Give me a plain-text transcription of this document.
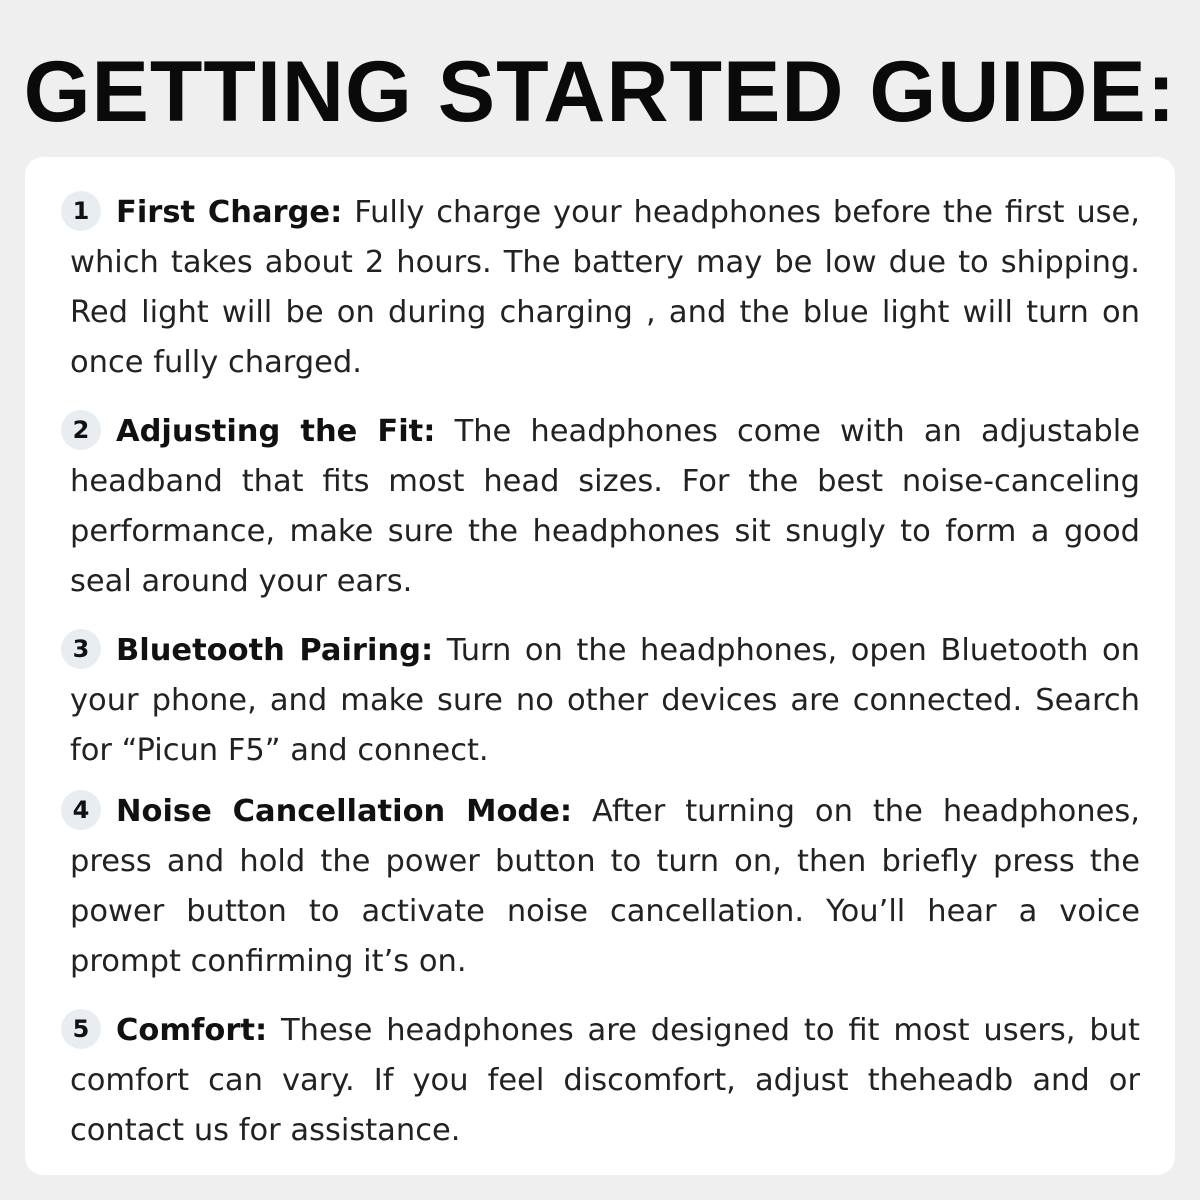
GETTING STARTED GUIDE:
1 First Charge: Fully charge your headphones before the first use, which takes about 2 hours. The battery may be low due to shipping. Red light will be on during charging , and the blue light will turn on once fully charged.

2 Adjusting the Fit: The headphones come with an adjustable headband that fits most head sizes. For the best noise-canceling performance, make sure the headphones sit snugly to form a good seal around your ears.

3 Bluetooth Pairing: Turn on the headphones, open Bluetooth on your phone, and make sure no other devices are connected. Search for “Picun F5” and connect.

4 Noise Cancellation Mode: After turning on the headphones, press and hold the power button to turn on, then briefly press the power button to activate noise cancellation. You’ll hear a voice prompt confirming it’s on.

5 Comfort: These headphones are designed to fit most users, but comfort can vary. If you feel discomfort, adjust theheadb and or contact us for assistance.
